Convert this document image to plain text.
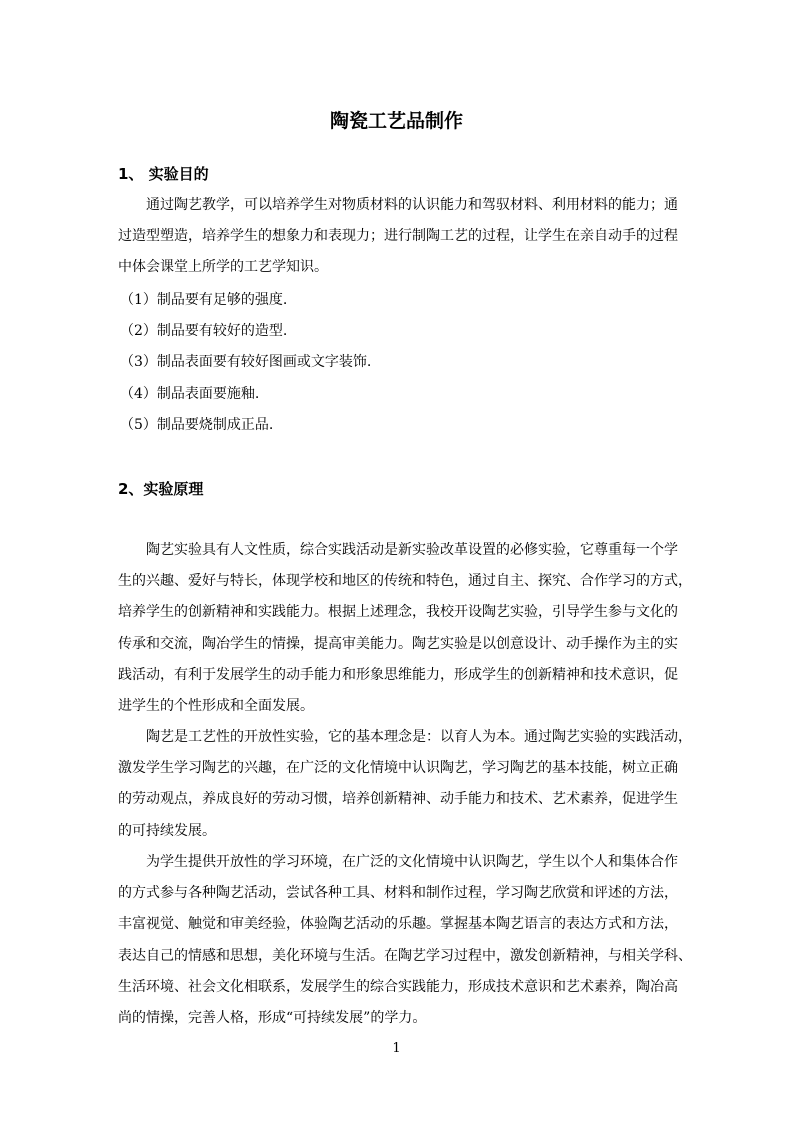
陶瓷工艺品制作
1、 实验目的
2、实验原理
1
通过陶艺教学，可以培养学生对物质材料的认识能力和驾驭材料、利用材料的能力；通
过造型塑造，培养学生的想象力和表现力；进行制陶工艺的过程，让学生在亲自动手的过程
中体会课堂上所学的工艺学知识。
（1）制品要有足够的强度.
（2）制品要有较好的造型.
（3）制品表面要有较好图画或文字装饰.
（4）制品表面要施釉.
（5）制品要烧制成正品.
陶艺实验具有人文性质，综合实践活动是新实验改革设置的必修实验，它尊重每一个学
生的兴趣、爱好与特长，体现学校和地区的传统和特色，通过自主、探究、合作学习的方式，
培养学生的创新精神和实践能力。根据上述理念，我校开设陶艺实验，引导学生参与文化的
传承和交流，陶冶学生的情操，提高审美能力。陶艺实验是以创意设计、动手操作为主的实
践活动，有利于发展学生的动手能力和形象思维能力，形成学生的创新精神和技术意识，促
进学生的个性形成和全面发展。
陶艺是工艺性的开放性实验，它的基本理念是：以育人为本。通过陶艺实验的实践活动，
激发学生学习陶艺的兴趣，在广泛的文化情境中认识陶艺，学习陶艺的基本技能，树立正确
的劳动观点，养成良好的劳动习惯，培养创新精神、动手能力和技术、艺术素养，促进学生
的可持续发展。
为学生提供开放性的学习环境，在广泛的文化情境中认识陶艺，学生以个人和集体合作
的方式参与各种陶艺活动，尝试各种工具、材料和制作过程，学习陶艺欣赏和评述的方法，
丰富视觉、触觉和审美经验，体验陶艺活动的乐趣。掌握基本陶艺语言的表达方式和方法，
表达自己的情感和思想，美化环境与生活。在陶艺学习过程中，激发创新精神，与相关学科、
生活环境、社会文化相联系，发展学生的综合实践能力，形成技术意识和艺术素养，陶冶高
尚的情操，完善人格，形成“可持续发展”的学力。
